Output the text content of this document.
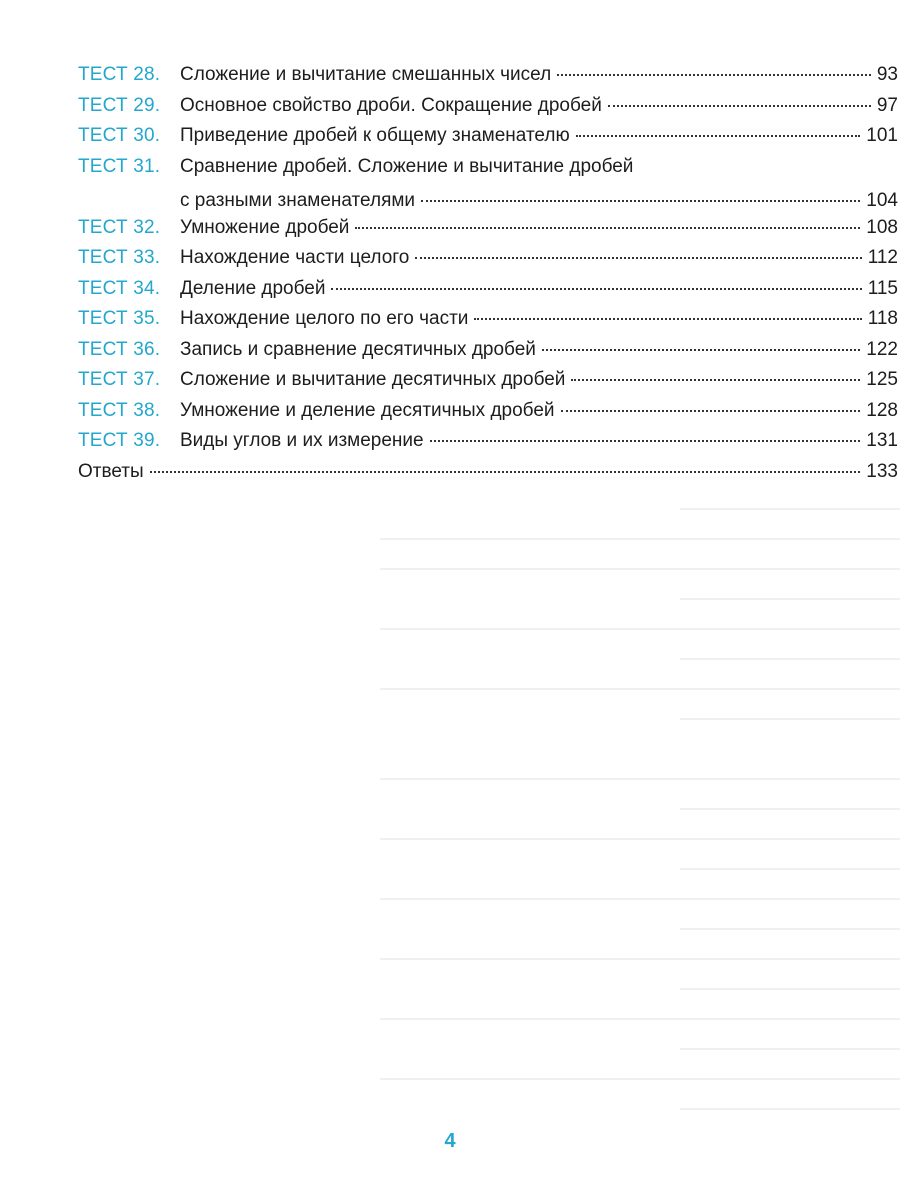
ТЕСТ 28.	Сложение и вычитание смешанных чисел	93
ТЕСТ 29.	Основное свойство дроби. Сокращение дробей	97
ТЕСТ 30.	Приведение дробей к общему знаменателю	101
ТЕСТ 31.	Сравнение дробей. Сложение и вычитание дробей
с разными знаменателями	104
ТЕСТ 32.	Умножение дробей	108
ТЕСТ 33.	Нахождение части целого	112
ТЕСТ 34.	Деление дробей	115
ТЕСТ 35.	Нахождение целого по его части	118
ТЕСТ 36.	Запись и сравнение десятичных дробей	122
ТЕСТ 37.	Сложение и вычитание десятичных дробей	125
ТЕСТ 38.	Умножение и деление десятичных дробей	128
ТЕСТ 39.	Виды углов и их измерение	131
Ответы	133
4
